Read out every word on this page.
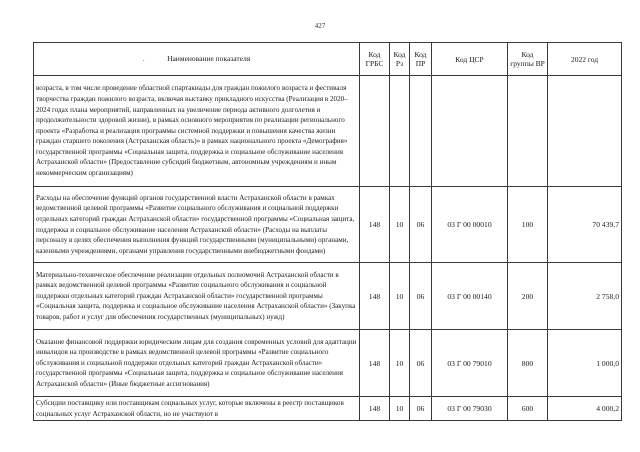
427
. Наименование показателя	Код ГРБС	Код Рз	Код ПР	Код ЦСР	Код группы ВР	2022 год
возраста, в том числе проведение областной спартакиады для граждан пожилого возраста и фестиваля творчества граждан пожилого возраста, включая выставку прикладного искусства (Реализация в 2020–2024 годах плана мероприятий, направленных на увеличение периода активного долголетия и продолжительности здоровой жизни), в рамках основного мероприятия по реализации регионального проекта «Разработка и реализация программы системной поддержки и повышения качества жизни граждан старшего поколения (Астраханская область)» в рамках национального проекта «Демография» государственной программы «Социальная защита, поддержка и социальное обслуживание населения Астраханской области» (Предоставление субсидий бюджетным, автономным учреждениям и иным некоммерческим организациям)						
Расходы на обеспечение функций органов государственной власти Астраханской области в рамках ведомственной целевой программы «Развитие социального обслуживания и социальной поддержки отдельных категорий граждан Астраханской области» государственной программы «Социальная защита, поддержка и социальное обслуживание населения Астраханской области» (Расходы на выплаты персоналу в целях обеспечения выполнения функций государственными (муниципальными) органами, казенными учреждениями, органами управления государственными внебюджетными фондами)	148	10	06	03 Г 00 00010	100	70 439,7
Материально-техническое обеспечение реализации отдельных полномочий Астраханской области в рамках ведомственной целевой программы «Развитие социального обслуживания и социальной поддержки отдельных категорий граждан Астраханской области» государственной программы «Социальная защита, поддержка и социальное обслуживание населения Астраханской области» (Закупка товаров, работ и услуг для обеспечения государственных (муниципальных) нужд)	148	10	06	03 Г 00 00140	200	2 758,0
Оказание финансовой поддержки юридическим лицам для создания современных условий для адаптации инвалидов на производстве в рамках ведомственной целевой программы «Развитие социального обслуживания и социальной поддержки отдельных категорий граждан Астраханской области» государственной программы «Социальная защита, поддержка и социальное обслуживание населения Астраханской области» (Иные бюджетные ассигнования)	148	10	06	03 Г 00 79010	800	1 000,0
Субсидии поставщику или поставщикам социальных услуг, которые включены в реестр поставщиков социальных услуг Астраханской области, но не участвуют в	148	10	06	03 Г 00 79030	600	4 000,2
